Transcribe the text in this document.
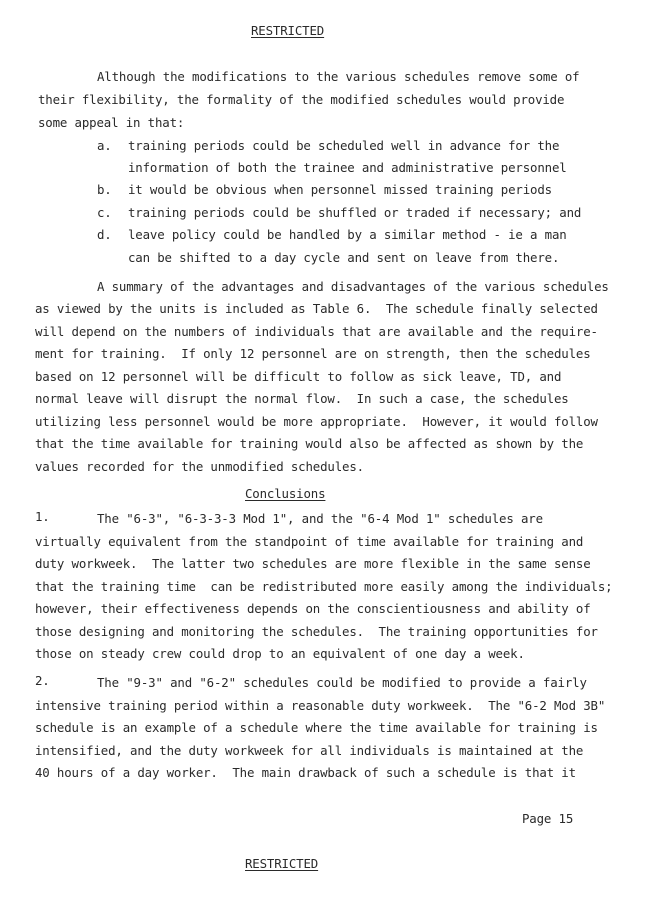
RESTRICTED
Although the modifications to the various schedules remove some of
their flexibility, the formality of the modified schedules would provide
some appeal in that:
a. training periods could be scheduled well in advance for the
information of both the trainee and administrative personnel
b. it would be obvious when personnel missed training periods
c. training periods could be shuffled or traded if necessary; and
d. leave policy could be handled by a similar method - ie a man
can be shifted to a day cycle and sent on leave from there.
A summary of the advantages and disadvantages of the various schedules
as viewed by the units is included as Table 6.  The schedule finally selected
will depend on the numbers of individuals that are available and the require-
ment for training.  If only 12 personnel are on strength, then the schedules
based on 12 personnel will be difficult to follow as sick leave, TD, and
normal leave will disrupt the normal flow.  In such a case, the schedules
utilizing less personnel would be more appropriate.  However, it would follow
that the time available for training would also be affected as shown by the
values recorded for the unmodified schedules.
Conclusions
1.	The "6-3", "6-3-3-3 Mod 1", and the "6-4 Mod 1" schedules are
virtually equivalent from the standpoint of time available for training and
duty workweek.  The latter two schedules are more flexible in the same sense
that the training time  can be redistributed more easily among the individuals;
however, their effectiveness depends on the conscientiousness and ability of
those designing and monitoring the schedules.  The training opportunities for
those on steady crew could drop to an equivalent of one day a week.
2.	The "9-3" and "6-2" schedules could be modified to provide a fairly
intensive training period within a reasonable duty workweek.  The "6-2 Mod 3B"
schedule is an example of a schedule where the time available for training is
intensified, and the duty workweek for all individuals is maintained at the
40 hours of a day worker.  The main drawback of such a schedule is that it
Page 15
RESTRICTED
